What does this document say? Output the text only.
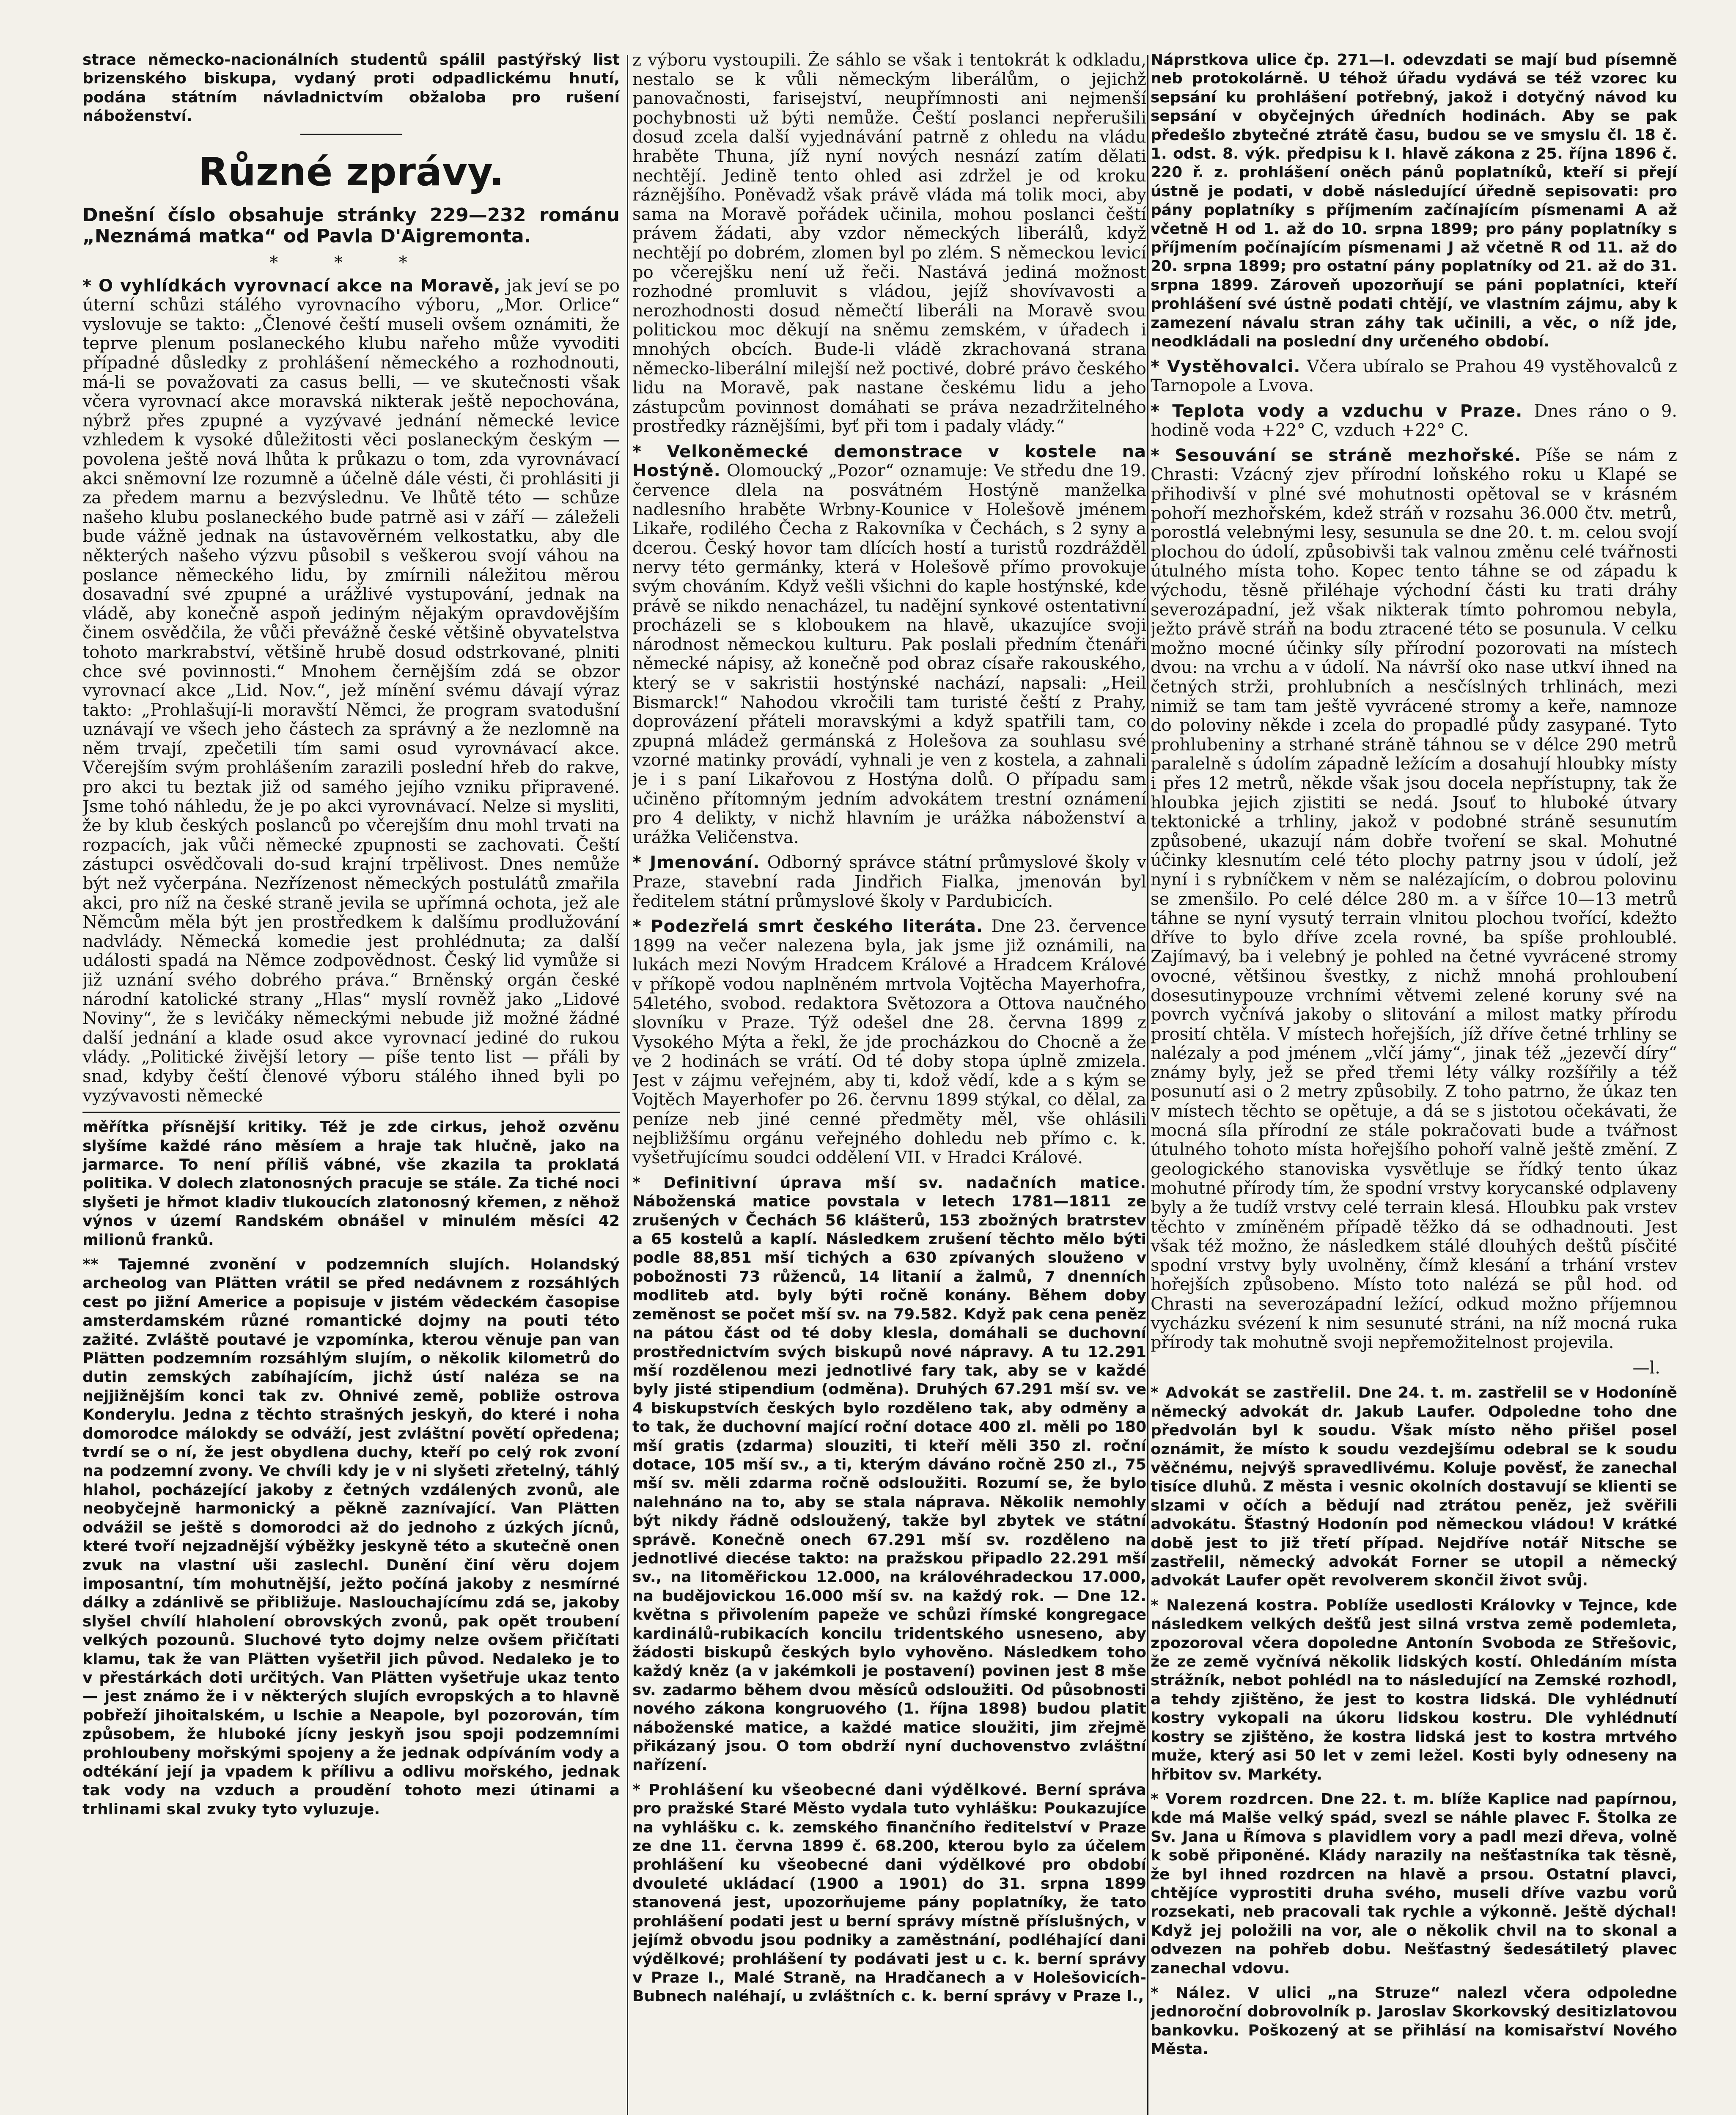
strace německo-nacionálních studentů spálil pastýřský list brizenského biskupa, vydaný proti odpadlickému hnutí, podána státním návladnictvím obžaloba pro rušení náboženství.

Různé zprávy.

Dnešní číslo obsahuje stránky 229—232 románu „Neznámá matka“ od Pavla D'Aigremonta.

* * *

* O vyhlídkách vyrovnací akce na Moravě, jak jeví se po úterní schůzi stálého vyrovnacího výboru, „Mor. Orlice“ vyslovuje se takto: „Členové čeští museli ovšem oznámiti, že teprve plenum poslaneckého klubu nařeho může vyvoditi případné důsledky z prohlášení německého a rozhodnouti, má-li se považovati za casus belli, — ve skutečnosti však včera vyrovnací akce moravská nikterak ještě nepochována, nýbrž přes zpupné a vyzývavé jednání německé levice vzhledem k vysoké důležitosti věci poslaneckým českým — povolena ještě nová lhůta k průkazu o tom, zda vyrovnávací akci sněmovní lze rozumně a účelně dále vésti, či prohlásiti ji za předem marnu a bezvýslednu. Ve lhůtě této — schůze našeho klubu poslaneckého bude patrně asi v září — záleželi bude vážně jednak na ústavověrném velkostatku, aby dle některých našeho výzvu působil s veškerou svojí váhou na poslance německého lidu, by zmírnili náležitou měrou dosavadní své zpupné a urážlivé vystupování, jednak na vládě, aby konečně aspoň jediným nějakým opravdovějším činem osvědčila, že vůči převážně české většině obyvatelstva tohoto markrabství, většině hrubě dosud odstrkované, plniti chce své povinnosti.“ Mnohem černějším zdá se obzor vyrovnací akce „Lid. Nov.“, jež mínění svému dávají výraz takto: „Prohlašují-li moravští Němci, že program svatodušní uznávají ve všech jeho částech za správný a že nezlomně na něm trvají, zpečetili tím sami osud vyrovnávací akce. Včerejším svým prohlášením zarazili poslední hřeb do rakve, pro akci tu beztak již od samého jejího vzniku připravené. Jsme tohó náhledu, že je po akci vyrovnávací. Nelze si mysliti, že by klub českých poslanců po včerejším dnu mohl trvati na rozpacích, jak vůči německé zpupnosti se zachovati. Čeští zástupci osvědčovali do-sud krajní trpělivost. Dnes nemůže být než vyčerpána. Nezřízenost německých postulátů zmařila akci, pro níž na české straně jevila se upřímná ochota, jež ale Němcům měla být jen prostředkem k dalšímu prodlužování nadvlády. Německá komedie jest prohlédnuta; za další události spadá na Němce zodpovědnost. Český lid vymůže si již uznání svého dobrého práva.“ Brněnský orgán české národní katolické strany „Hlas“ myslí rovněž jako „Lidové Noviny“, že s levičáky německými nebude již možné žádné další jednání a klade osud akce vyrovnací jediné do rukou vlády. „Politické živější letory — píše tento list — přáli by snad, kdyby čeští členové výboru stálého ihned byli po vyzývavosti německé

měřítka přísnější kritiky. Též je zde cirkus, jehož ozvěnu slyšíme každé ráno měsíem a hraje tak hlučně, jako na jarmarce. To není příliš vábné, vše zkazila ta proklatá politika. V dolech zlatonosných pracuje se stále. Za tiché noci slyšeti je hřmot kladiv tlukoucích zlatonosný křemen, z něhož výnos v území Randském obnášel v minulém měsíci 42 milionů franků.

** Tajemné zvonění v podzemních slujích. Holandský archeolog van Plätten vrátil se před nedávnem z rozsáhlých cest po jižní Americe a popisuje v jistém vědeckém časopise amsterdamském různé romantické dojmy na pouti této zažité. Zvláště poutavé je vzpomínka, kterou věnuje pan van Plätten podzemním rozsáhlým slujím, o několik kilometrů do dutin zemských zabíhajícím, jichž ústí naléza se na nejjižnějším konci tak zv. Ohnivé země, pobliže ostrova Konderylu. Jedna z těchto strašných jeskyň, do které i noha domorodce málokdy se odváží, jest zvláštní povětí opředena; tvrdí se o ní, že jest obydlena duchy, kteří po celý rok zvoní na podzemní zvony. Ve chvíli kdy je v ni slyšeti zřetelný, táhlý hlahol, pocházející jakoby z četných vzdálených zvonů, ale neobyčejně harmonický a pěkně zaznívající. Van Plätten odvážil se ještě s domorodci až do jednoho z úzkých jícnů, které tvoří nejzadnější výběžky jeskyně této a skutečně onen zvuk na vlastní uši zaslechl. Dunění činí věru dojem imposantní, tím mohutnější, ježto počíná jakoby z nesmírné dálky a zdánlivě se přibližuje. Naslouchajícímu zdá se, jakoby slyšel chvílí hlaholení obrovských zvonů, pak opět troubení velkých pozounů. Sluchové tyto dojmy nelze ovšem přičítati klamu, tak že van Plätten vyšetřil jich původ. Nedaleko je to v přestárkách doti určitých. Van Plätten vyšetřuje ukaz tento — jest známo že i v některých slujích evropských a to hlavně pobřeží jihoitalském, u Ischie a Neapole, byl pozorován, tím způsobem, že hluboké jícny jeskyň jsou spoji podzemními prohloubeny mořskými spojeny a že jednak odpíváním vody a odtékání její ja vpadem k přílivu a odlivu mořského, jednak tak vody na vzduch a proudění tohoto mezi útinami a trhlinami skal zvuky tyto vyluzuje.

z výboru vystoupili. Že sáhlo se však i tentokrát k odkladu, nestalo se k vůli německým liberálům, o jejichž panovačnosti, farisejství, neupřímnosti ani nejmenší pochybnosti už býti nemůže. Čeští poslanci nepřerušili dosud zcela další vyjednávání patrně z ohledu na vládu hraběte Thuna, jíž nyní nových nesnází zatím dělati nechtějí. Jedině tento ohled asi zdržel je od kroku ráznějšího. Poněvadž však právě vláda má tolik moci, aby sama na Moravě pořádek učinila, mohou poslanci čeští právem žádati, aby vzdor německých liberálů, když nechtějí po dobrém, zlomen byl po zlém. S německou levicí po včerejšku není už řeči. Nastává jediná možnost rozhodné promluvit s vládou, jejíž shovívavosti a nerozhodnosti dosud němečtí liberáli na Moravě svou politickou moc děkují na sněmu zemském, v úřadech i mnohých obcích. Bude-li vládě zkrachovaná strana německo-liberální milejší než poctivé, dobré právo českého lidu na Moravě, pak nastane českému lidu a jeho zástupcům povinnost domáhati se práva nezadržitelného prostředky ráznějšími, byť při tom i padaly vlády.“

* Velkoněmecké demonstrace v kostele na Hostýně. Olomoucký „Pozor“ oznamuje: Ve středu dne 19. července dlela na posvátném Hostýně manželka nadlesního hraběte Wrbny-Kounice v Holešově jménem Likaře, rodilého Čecha z Rakovníka v Čechách, s 2 syny a dcerou. Český hovor tam dlících hostí a turistů rozdrážděl nervy této germánky, která v Holešově přímo provokuje svým chováním. Když vešli všichni do kaple hostýnské, kde právě se nikdo nenacházel, tu nadějní synkové ostentativní procházeli se s kloboukem na hlavě, ukazujíce svoji národnost německou kulturu. Pak poslali předním čtenáři německé nápisy, až konečně pod obraz císaře rakouského, který se v sakristii hostýnské nachází, napsali: „Heil Bismarck!“ Nahodou vkročili tam turisté čeští z Prahy, doprovázení přáteli moravskými a když spatřili tam, co zpupná mládež germánská z Holešova za souhlasu své vzorné matinky provádí, vyhnali je ven z kostela, a zahnali je i s paní Likařovou z Hostýna dolů. O případu sam učiněno přítomným jedním advokátem trestní oznámení pro 4 delikty, v nichž hlavním je urážka náboženství a urážka Veličenstva.

* Jmenování. Odborný správce státní průmyslové školy v Praze, stavební rada Jindřich Fialka, jmenován byl ředitelem státní průmyslové školy v Pardubicích.

* Podezřelá smrt českého literáta. Dne 23. července 1899 na večer nalezena byla, jak jsme již oznámili, na lukách mezi Novým Hradcem Králové a Hradcem Králové v příkopě vodou naplněném mrtvola Vojtěcha Mayerhofra, 54letého, svobod. redaktora Světozora a Ottova naučného slovníku v Praze. Týž odešel dne 28. června 1899 z Vysokého Mýta a řekl, že jde procházkou do Chocně a že ve 2 hodinách se vrátí. Od té doby stopa úplně zmizela. Jest v zájmu veřejném, aby ti, kdož vědí, kde a s kým se Vojtěch Mayerhofer po 26. červnu 1899 stýkal, co dělal, za peníze neb jiné cenné předměty měl, vše ohlásili nejbližšímu orgánu veřejného dohledu neb přímo c. k. vyšetřujícímu soudci oddělení VII. v Hradci Králové.

* Definitivní úprava mší sv. nadačních matice. Náboženská matice povstala v letech 1781—1811 ze zrušených v Čechách 56 klášterů, 153 zbožných bratrstev a 65 kostelů a kaplí. Následkem zrušení těchto mělo býti podle 88,851 mší tichých a 630 zpívaných slouženo v pobožnosti 73 růženců, 14 litanií a žalmů, 7 dnenních modliteb atd. byly býti ročně konány. Během doby zeměnost se počet mší sv. na 79.582. Když pak cena peněz na pátou část od té doby klesla, domáhali se duchovní prostřednictvím svých biskupů nové nápravy. A tu 12.291 mší rozdělenou mezi jednotlivé fary tak, aby se v každé byly jisté stipendium (odměna). Druhých 67.291 mší sv. ve 4 biskupstvích českých bylo rozděleno tak, aby odměny a to tak, že duchovní mající roční dotace 400 zl. měli po 180 mší gratis (zdarma) slouziti, ti kteří měli 350 zl. roční dotace, 105 mší sv., a ti, kterým dáváno ročně 250 zl., 75 mší sv. měli zdarma ročně odsloužiti. Rozumí se, že bylo nalehnáno na to, aby se stala náprava. Několik nemohly být nikdy řádně odsloužený, takže byl zbytek ve státní správě. Konečně onech 67.291 mší sv. rozděleno na jednotlivé diecése takto: na pražskou připadlo 22.291 mší sv., na litoměřickou 12.000, na královéhradeckou 17.000, na budějovickou 16.000 mší sv. na každý rok. — Dne 12. května s přivolením papeže ve schůzi římské kongregace kardinálů-rubikacích koncilu tridentského usneseno, aby žádosti biskupů českých bylo vyhověno. Následkem toho každý kněz (a v jakémkoli je postavení) povinen jest 8 mše sv. zadarmo během dvou měsíců odsloužiti. Od působnosti nového zákona kongruového (1. října 1898) budou platit náboženské matice, a každé matice sloužiti, jim zřejmě přikázaný jsou. O tom obdrží nyní duchovenstvo zvláštní nařízení.

* Prohlášení ku všeobecné dani výdělkové. Berní správa pro pražské Staré Město vydala tuto vyhlášku: Poukazujíce na vyhlášku c. k. zemského finančního ředitelství v Praze ze dne 11. června 1899 č. 68.200, kterou bylo za účelem prohlášení ku všeobecné dani výdělkové pro období dvouleté ukládací (1900 a 1901) do 31. srpna 1899 stanovená jest, upozorňujeme pány poplatníky, že tato prohlášení podati jest u berní správy místně příslušných, v jejímž obvodu jsou podniky a zaměstnání, podléhající dani výdělkové; prohlášení ty podávati jest u c. k. berní správy v Praze I., Malé Straně, na Hradčanech a v Holešovicích-Bubnech naléhají, u zvláštních c. k. berní správy v Praze I.,

Náprstkova ulice čp. 271—I. odevzdati se mají bud písemně neb protokolárně. U téhož úřadu vydává se též vzorec ku sepsání ku prohlášení potřebný, jakož i dotyčný návod ku sepsání v obyčejných úředních hodinách. Aby se pak předešlo zbytečné ztrátě času, budou se ve smyslu čl. 18 č. 1. odst. 8. výk. předpisu k I. hlavě zákona z 25. října 1896 č. 220 ř. z. prohlášení oněch pánů poplatníků, kteří si přejí ústně je podati, v době následující úředně sepisovati: pro pány poplatníky s příjmením začínajícím písmenami A až včetně H od 1. až do 10. srpna 1899; pro pány poplatníky s příjmením počínajícím písmenami J až včetně R od 11. až do 20. srpna 1899; pro ostatní pány poplatníky od 21. až do 31. srpna 1899. Zároveň upozorňují se páni poplatníci, kteří prohlášení své ústně podati chtějí, ve vlastním zájmu, aby k zamezení návalu stran záhy tak učinili, a věc, o níž jde, neodkládali na poslední dny určeného období.

* Vystěhovalci. Včera ubíralo se Prahou 49 vystěhovalců z Tarnopole a Lvova.

* Teplota vody a vzduchu v Praze. Dnes ráno o 9. hodině voda +22° C, vzduch +22° C.

* Sesouvání se stráně mezhořské. Píše se nám z Chrasti: Vzácný zjev přírodní loňského roku u Klapé se přihodivší v plné své mohutnosti opětoval se v krásném pohoří mezhořském, kdež stráň v rozsahu 36.000 čtv. metrů, porostlá velebnými lesy, sesunula se dne 20. t. m. celou svojí plochou do údolí, způsobivši tak valnou změnu celé tvářnosti útulného místa toho. Kopec tento táhne se od západu k východu, těsně přiléhaje východní části ku trati dráhy severozápadní, jež však nikterak tímto pohromou nebyla, ježto právě stráň na bodu ztracené této se posunula. V celku možno mocné účinky síly přírodní pozorovati na místech dvou: na vrchu a v údolí. Na návrší oko nase utkví ihned na četných strži, prohlubních a nesčíslných trhlinách, mezi nimiž se tam tam ještě vyvrácené stromy a keře, namnoze do poloviny někde i zcela do propadlé půdy zasypané. Tyto prohlubeniny a strhané stráně táhnou se v délce 290 metrů paralelně s údolím západně ležícím a dosahují hloubky místy i přes 12 metrů, někde však jsou docela nepřístupny, tak že hloubka jejich zjistiti se nedá. Jsouť to hluboké útvary tektonické a trhliny, jakož v podobné stráně sesunutím způsobené, ukazují nám dobře tvoření se skal. Mohutné účinky klesnutím celé této plochy patrny jsou v údolí, jež nyní i s rybníčkem v něm se nalézajícím, o dobrou polovinu se zmenšilo. Po celé délce 280 m. a v šířce 10—13 metrů táhne se nyní vysutý terrain vlnitou plochou tvořící, kdežto dříve to bylo dříve zcela rovné, ba spíše prohloublé. Zajímavý, ba i velebný je pohled na četné vyvrácené stromy ovocné, většinou švestky, z nichž mnohá prohloubení dosesutinypouze vrchními větvemi zelené koruny své na povrch vyčnívá jakoby o slitování a milost matky přírodu prosití chtěla. V místech hořejších, jíž dříve četné trhliny se nalézaly a pod jménem „vlčí jámy“, jinak též „jezevčí díry“ známy byly, jež se před třemi léty války rozšířily a též posunutí asi o 2 metry způsobily. Z toho patrno, že úkaz ten v místech těchto se opětuje, a dá se s jistotou očekávati, že mocná síla přírodní ze stále pokračovati bude a tvářnost útulného tohoto místa hořejšího pohoří valně ještě změní. Z geologického stanoviska vysvětluje se řídký tento úkaz mohutné přírody tím, že spodní vrstvy korycanské odplaveny byly a že tudíž vrstvy celé terrain klesá. Hloubku pak vrstev těchto v zmíněném případě těžko dá se odhadnouti. Jest však též možno, že následkem stálé dlouhých deštů písčité spodní vrstvy byly uvolněny, čímž klesání a trhání vrstev hořejších způsobeno. Místo toto nalézá se půl hod. od Chrasti na severozápadní ležící, odkud možno příjemnou vycházku svézení k nim sesunuté stráni, na níž mocná ruka přírody tak mohutně svoji nepřemožitelnost projevila.

—l.

* Advokát se zastřelil. Dne 24. t. m. zastřelil se v Hodoníně německý advokát dr. Jakub Laufer. Odpoledne toho dne předvolán byl k soudu. Však místo něho přišel posel oznámit, že místo k soudu vezdejšímu odebral se k soudu věčnému, nejvýš spravedlivému. Koluje pověsť, že zanechal tisíce dluhů. Z města i vesnic okolních dostavují se klienti se slzami v očích a bědují nad ztrátou peněz, jež svěřili advokátu. Šťastný Hodonín pod německou vládou! V krátké době jest to již třetí případ. Nejdříve notář Nitsche se zastřelil, německý advokát Forner se utopil a německý advokát Laufer opět revolverem skončil život svůj.

* Nalezená kostra. Poblíže usedlosti Královky v Tejnce, kde následkem velkých dešťů jest silná vrstva země podemleta, zpozoroval včera dopoledne Antonín Svoboda ze Střešovic, že ze země vyčnívá několik lidských kostí. Ohledáním místa strážník, nebot pohlédl na to následující na Zemské rozhodl, a tehdy zjištěno, že jest to kostra lidská. Dle vyhlédnutí kostry vykopali na úkoru lidskou kostru. Dle vyhlédnutí kostry se zjištěno, že kostra lidská jest to kostra mrtvého muže, který asi 50 let v zemi ležel. Kosti byly odneseny na hřbitov sv. Markéty.

* Vorem rozdrcen. Dne 22. t. m. blíže Kaplice nad papírnou, kde má Malše velký spád, svezl se náhle plavec F. Štolka ze Sv. Jana u Římova s plavidlem vory a padl mezi dřeva, volně k sobě připoněné. Klády narazily na nešťastníka tak těsně, že byl ihned rozdrcen na hlavě a prsou. Ostatní plavci, chtějíce vyprostiti druha svého, museli dříve vazbu vorů rozsekati, neb pracovali tak rychle a výkonně. Ještě dýchal! Když jej položili na vor, ale o několik chvil na to skonal a odvezen na pohřeb dobu. Nešťastný šedesátiletý plavec zanechal vdovu.

* Nález. V ulici „na Struze“ nalezl včera odpoledne jednoroční dobrovolník p. Jaroslav Skorkovský desitizlatovou bankovku. Poškozený at se přihlásí na komisařství Nového Města.
